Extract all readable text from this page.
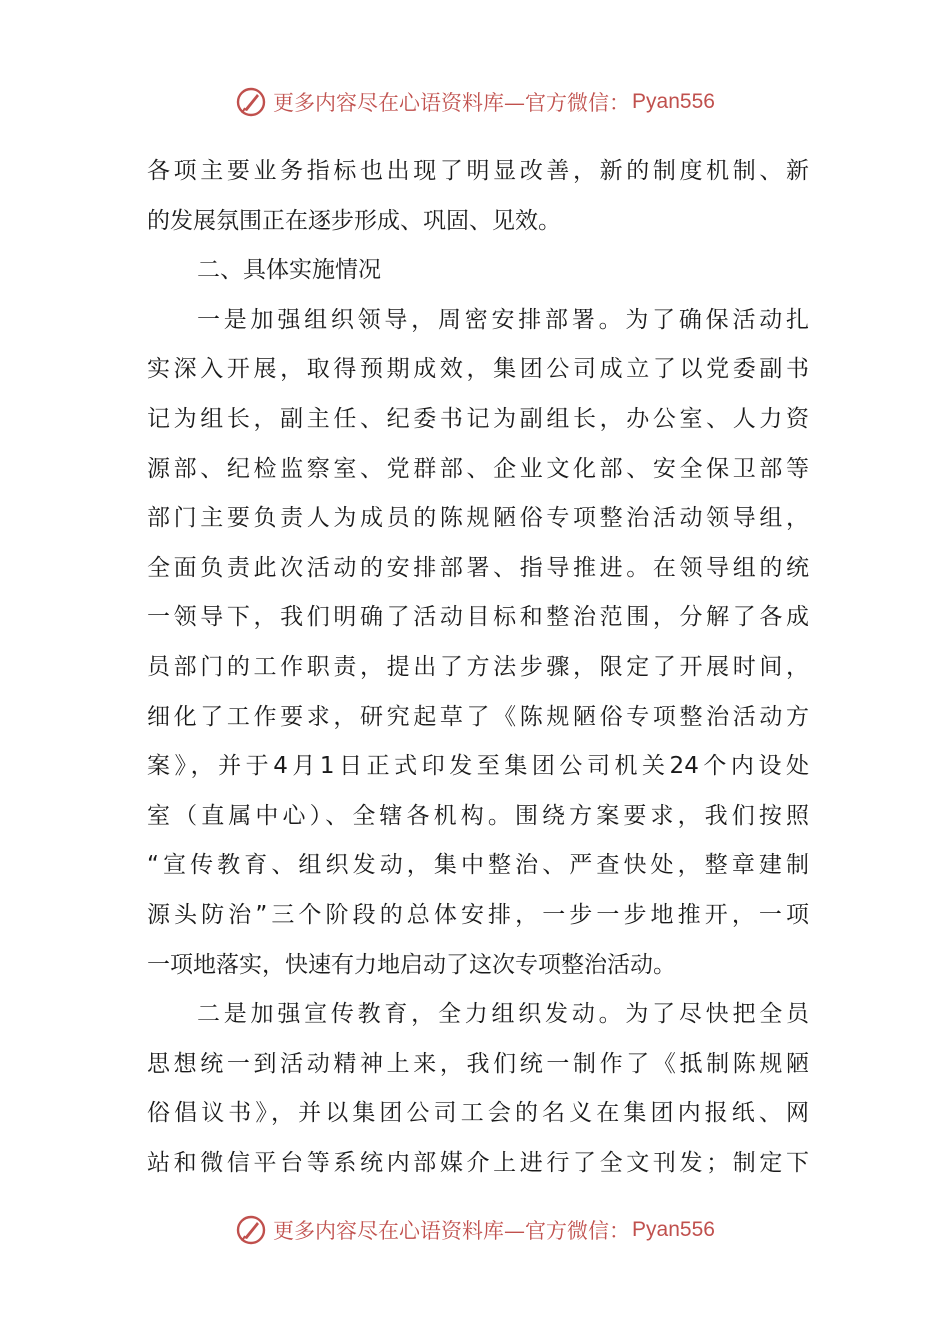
更多内容尽在心语资料库—官方微信： Pyan556
各项主要业务指标也出现了明显改善，新的制度机制、新
的发展氛围正在逐步形成、巩固、见效。
二、具体实施情况
一是加强组织领导，周密安排部署。为了确保活动扎
实深入开展，取得预期成效，集团公司成立了以党委副书
记为组长，副主任、纪委书记为副组长，办公室、人力资
源部、纪检监察室、党群部、企业文化部、安全保卫部等
部门主要负责人为成员的陈规陋俗专项整治活动领导组，
全面负责此次活动的安排部署、指导推进。在领导组的统
一领导下，我们明确了活动目标和整治范围，分解了各成
员部门的工作职责，提出了方法步骤，限定了开展时间，
细化了工作要求，研究起草了《陈规陋俗专项整治活动方
案》，并于4月1日正式印发至集团公司机关24个内设处
室（直属中心）、全辖各机构。围绕方案要求，我们按照
“宣传教育、组织发动，集中整治、严查快处，整章建制
源头防治”三个阶段的总体安排，一步一步地推开，一项
一项地落实，快速有力地启动了这次专项整治活动。
二是加强宣传教育，全力组织发动。为了尽快把全员
思想统一到活动精神上来，我们统一制作了《抵制陈规陋
俗倡议书》，并以集团公司工会的名义在集团内报纸、网
站和微信平台等系统内部媒介上进行了全文刊发；制定下
更多内容尽在心语资料库—官方微信： Pyan556
